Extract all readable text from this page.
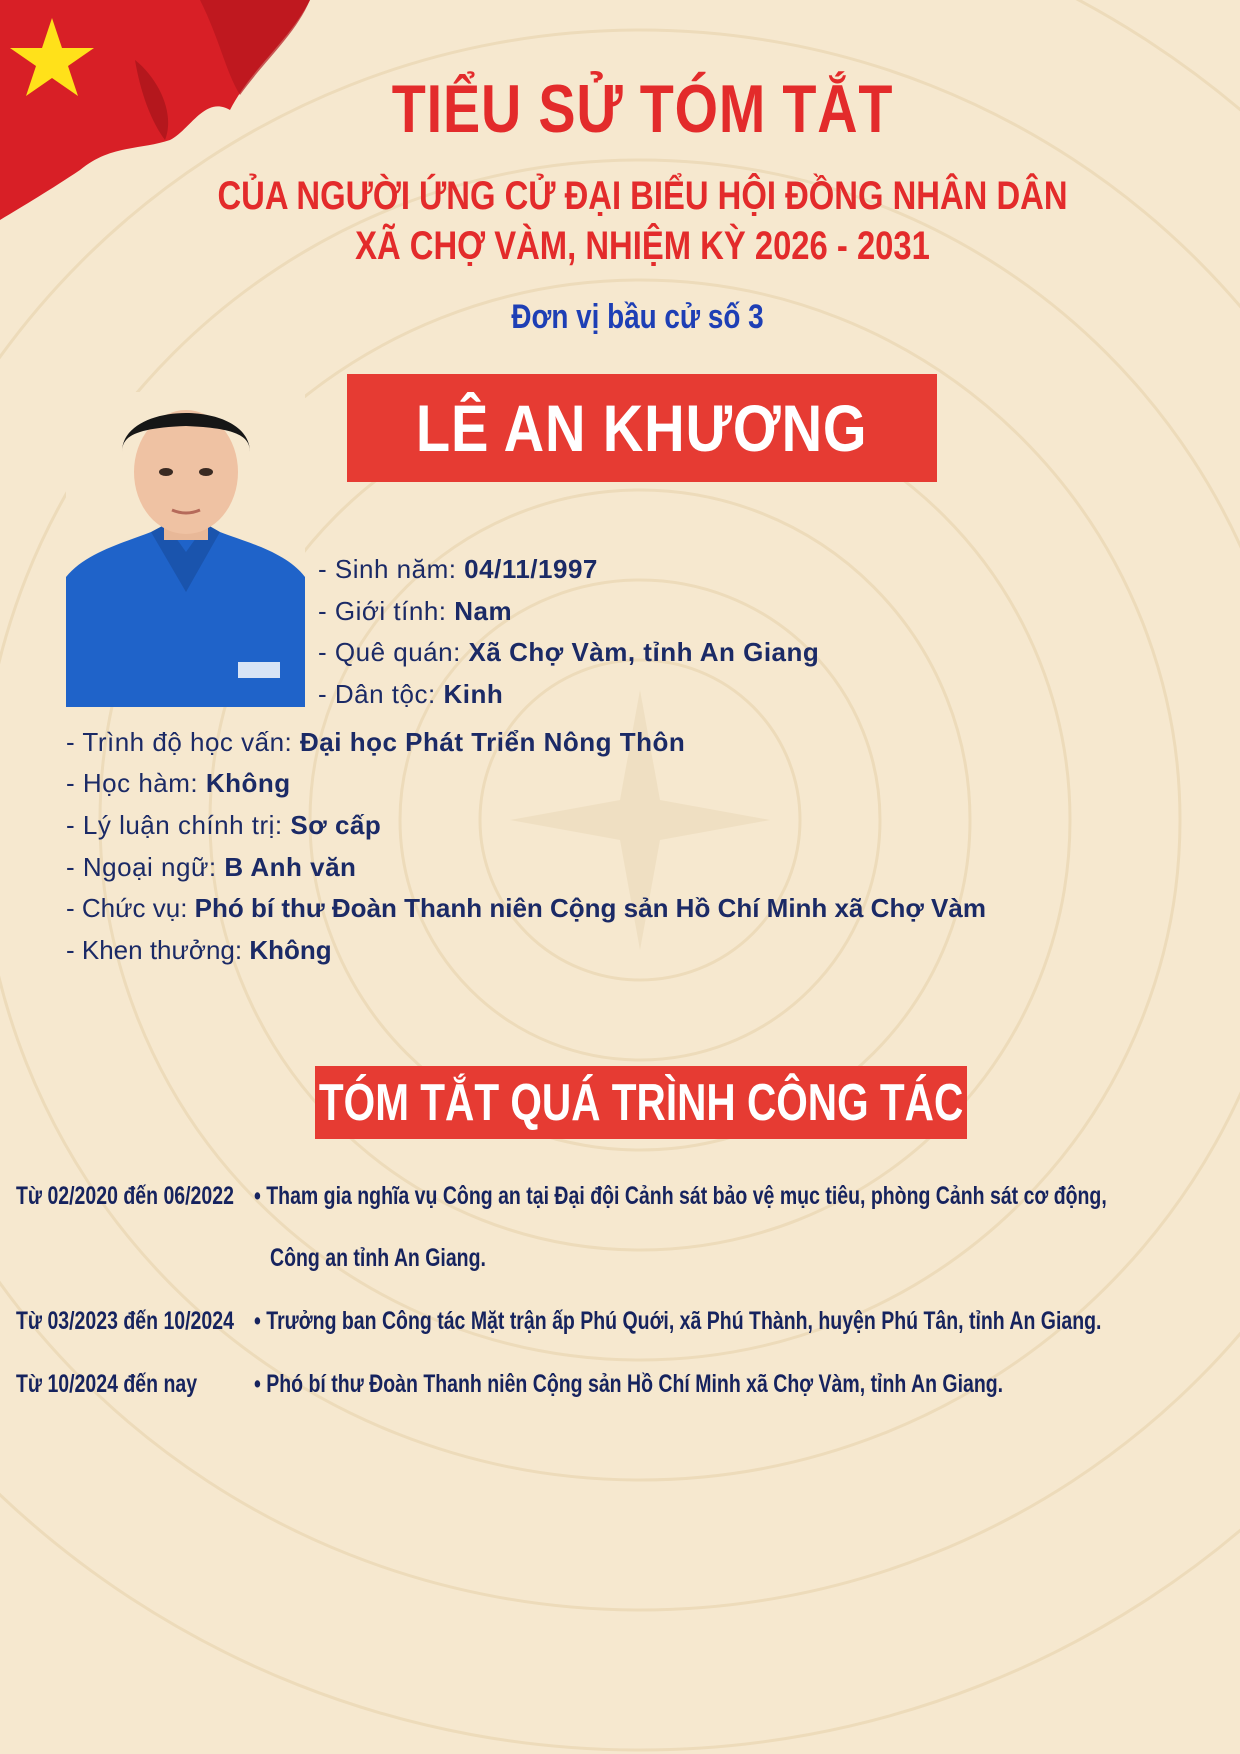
TIỂU SỬ TÓM TẮT
CỦA NGƯỜI ỨNG CỬ ĐẠI BIỂU HỘI ĐỒNG NHÂN DÂN
XÃ CHỢ VÀM, NHIỆM KỲ 2026 - 2031
Đơn vị bầu cử số 3
LÊ AN KHƯƠNG
- Sinh năm: 04/11/1997
- Giới tính: Nam
- Quê quán: Xã Chợ Vàm, tỉnh An Giang
- Dân tộc: Kinh
- Trình độ học vấn: Đại học Phát Triển Nông Thôn
- Học hàm: Không
- Lý luận chính trị: Sơ cấp
- Ngoại ngữ: B Anh văn
- Chức vụ: Phó bí thư Đoàn Thanh niên Cộng sản Hồ Chí Minh xã Chợ Vàm
- Khen thưởng: Không
TÓM TẮT QUÁ TRÌNH CÔNG TÁC
Từ 02/2020 đến 06/2022 • Tham gia nghĩa vụ Công an tại Đại đội Cảnh sát bảo vệ mục tiêu, phòng Cảnh sát cơ động,
Công an tỉnh An Giang.
Từ 03/2023 đến 10/2024 • Trưởng ban Công tác Mặt trận ấp Phú Quới, xã Phú Thành, huyện Phú Tân, tỉnh An Giang.
Từ 10/2024 đến nay • Phó bí thư Đoàn Thanh niên Cộng sản Hồ Chí Minh xã Chợ Vàm, tỉnh An Giang.
